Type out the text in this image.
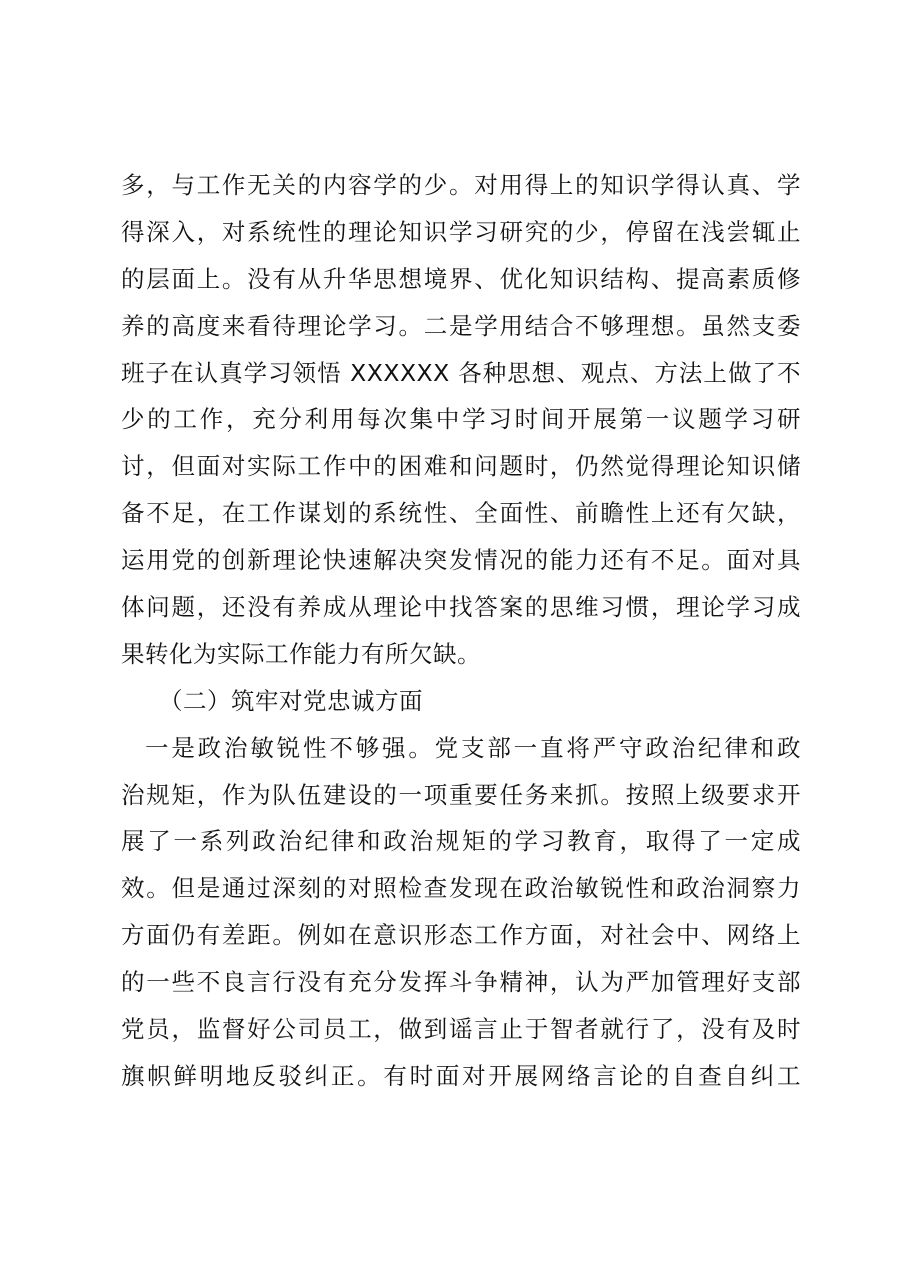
多，与工作无关的内容学的少。对用得上的知识学得认真、学
得深入，对系统性的理论知识学习研究的少，停留在浅尝辄止
的层面上。没有从升华思想境界、优化知识结构、提高素质修
养的高度来看待理论学习。二是学用结合不够理想。虽然支委
班子在认真学习领悟 XXXXXX 各种思想、观点、方法上做了不
少的工作，充分利用每次集中学习时间开展第一议题学习研
讨，但面对实际工作中的困难和问题时，仍然觉得理论知识储
备不足，在工作谋划的系统性、全面性、前瞻性上还有欠缺，
运用党的创新理论快速解决突发情况的能力还有不足。面对具
体问题，还没有养成从理论中找答案的思维习惯，理论学习成
果转化为实际工作能力有所欠缺。
（二）筑牢对党忠诚方面
一是政治敏锐性不够强。党支部一直将严守政治纪律和政
治规矩，作为队伍建设的一项重要任务来抓。按照上级要求开
展了一系列政治纪律和政治规矩的学习教育，取得了一定成
效。但是通过深刻的对照检查发现在政治敏锐性和政治洞察力
方面仍有差距。例如在意识形态工作方面，对社会中、网络上
的一些不良言行没有充分发挥斗争精神，认为严加管理好支部
党员，监督好公司员工，做到谣言止于智者就行了，没有及时
旗帜鲜明地反驳纠正。有时面对开展网络言论的自查自纠工
